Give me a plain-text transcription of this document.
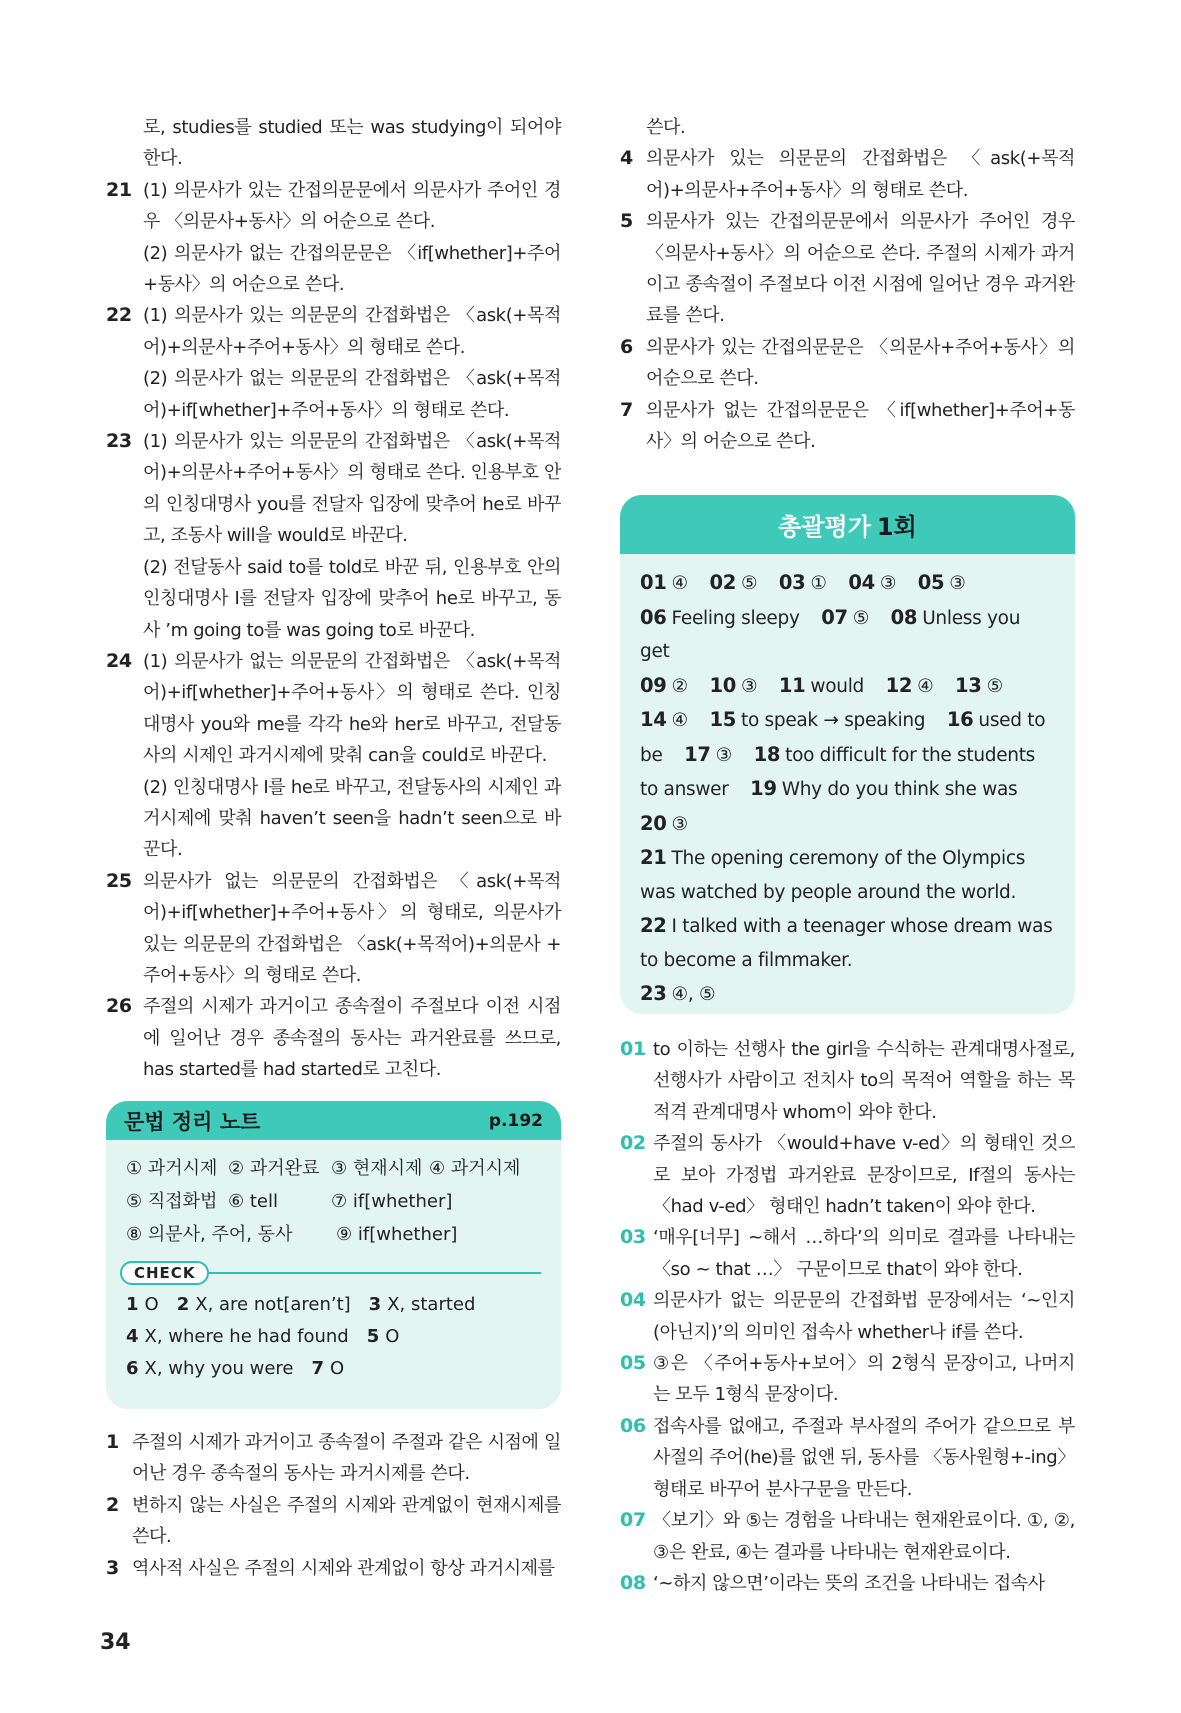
로, studies를 studied 또는 was studying이 되어야 한다.
21 (1) 의문사가 있는 간접의문문에서 의문사가 주어인 경우 〈의문사+동사〉의 어순으로 쓴다.
(2) 의문사가 없는 간접의문문은 〈if[whether]+주어+동사〉의 어순으로 쓴다.
22 (1) 의문사가 있는 의문문의 간접화법은 〈ask(+목적어)+의문사+주어+동사〉의 형태로 쓴다.
(2) 의문사가 없는 의문문의 간접화법은 〈ask(+목적어)+if[whether]+주어+동사〉의 형태로 쓴다.
23 (1) 의문사가 있는 의문문의 간접화법은 〈ask(+목적어)+의문사+주어+동사〉의 형태로 쓴다. 인용부호 안의 인칭대명사 you를 전달자 입장에 맞추어 he로 바꾸고, 조동사 will을 would로 바꾼다.
(2) 전달동사 said to를 told로 바꾼 뒤, 인용부호 안의 인칭대명사 I를 전달자 입장에 맞추어 he로 바꾸고, 동사 ’m going to를 was going to로 바꾼다.
24 (1) 의문사가 없는 의문문의 간접화법은 〈ask(+목적어)+if[whether]+주어+동사〉의 형태로 쓴다. 인칭대명사 you와 me를 각각 he와 her로 바꾸고, 전달동사의 시제인 과거시제에 맞춰 can을 could로 바꾼다.
(2) 인칭대명사 I를 he로 바꾸고, 전달동사의 시제인 과거시제에 맞춰 haven’t seen을 hadn’t seen으로 바꾼다.
25 의문사가 없는 의문문의 간접화법은 〈ask(+목적어)+if[whether]+주어+동사〉의 형태로, 의문사가 있는 의문문의 간접화법은 〈ask(+목적어)+의문사 + 주어+동사〉의 형태로 쓴다.
26 주절의 시제가 과거이고 종속절이 주절보다 이전 시점에 일어난 경우 종속절의 동사는 과거완료를 쓰므로, has started를 had started로 고친다.
문법 정리 노트	p.192
① 과거시제 ② 과거완료 ③ 현재시제 ④ 과거시제
⑤ 직접화법 ⑥ tell	⑦ if[whether]
⑧ 의문사, 주어, 동사	⑨ if[whether]
CHECK
1 O 2 X, are not[aren’t] 3 X, started
4 X, where he had found 5 O
6 X, why you were 7 O
1 주절의 시제가 과거이고 종속절이 주절과 같은 시점에 일어난 경우 종속절의 동사는 과거시제를 쓴다.
2 변하지 않는 사실은 주절의 시제와 관계없이 현재시제를 쓴다.
3 역사적 사실은 주절의 시제와 관계없이 항상 과거시제를
쓴다.
4 의문사가 있는 의문문의 간접화법은 〈ask(+목적어)+의문사+주어+동사〉의 형태로 쓴다.
5 의문사가 있는 간접의문문에서 의문사가 주어인 경우 〈의문사+동사〉의 어순으로 쓴다. 주절의 시제가 과거이고 종속절이 주절보다 이전 시점에 일어난 경우 과거완료를 쓴다.
6 의문사가 있는 간접의문문은 〈의문사+주어+동사〉의 어순으로 쓴다.
7 의문사가 없는 간접의문문은 〈if[whether]+주어+동사〉의 어순으로 쓴다.
총괄평가 1회
01 ④ 02 ⑤ 03 ① 04 ③ 05 ③
06 Feeling sleepy 07 ⑤ 08 Unless you get
09 ② 10 ③ 11 would 12 ④ 13 ⑤
14 ④ 15 to speak → speaking 16 used to be 17 ③ 18 too difficult for the students to answer 19 Why do you think she was 20 ③
21 The opening ceremony of the Olympics was watched by people around the world.
22 I talked with a teenager whose dream was to become a filmmaker.
23 ④, ⑤

01 to 이하는 선행사 the girl을 수식하는 관계대명사절로, 선행사가 사람이고 전치사 to의 목적어 역할을 하는 목적격 관계대명사 whom이 와야 한다.
02 주절의 동사가 〈would+have v-ed〉의 형태인 것으로 보아 가정법 과거완료 문장이므로, If절의 동사는 〈had v-ed〉 형태인 hadn’t taken이 와야 한다.
03 ‘매우[너무] ~해서 …하다’의 의미로 결과를 나타내는 〈so ~ that …〉 구문이므로 that이 와야 한다.
04 의문사가 없는 의문문의 간접화법 문장에서는 ‘~인지 (아닌지)’의 의미인 접속사 whether나 if를 쓴다.
05 ③은 〈주어+동사+보어〉의 2형식 문장이고, 나머지는 모두 1형식 문장이다.
06 접속사를 없애고, 주절과 부사절의 주어가 같으므로 부사절의 주어(he)를 없앤 뒤, 동사를 〈동사원형+-ing〉 형태로 바꾸어 분사구문을 만든다.
07 〈보기〉와 ⑤는 경험을 나타내는 현재완료이다. ①, ②, ③은 완료, ④는 결과를 나타내는 현재완료이다.
08 ‘~하지 않으면’이라는 뜻의 조건을 나타내는 접속사
34
